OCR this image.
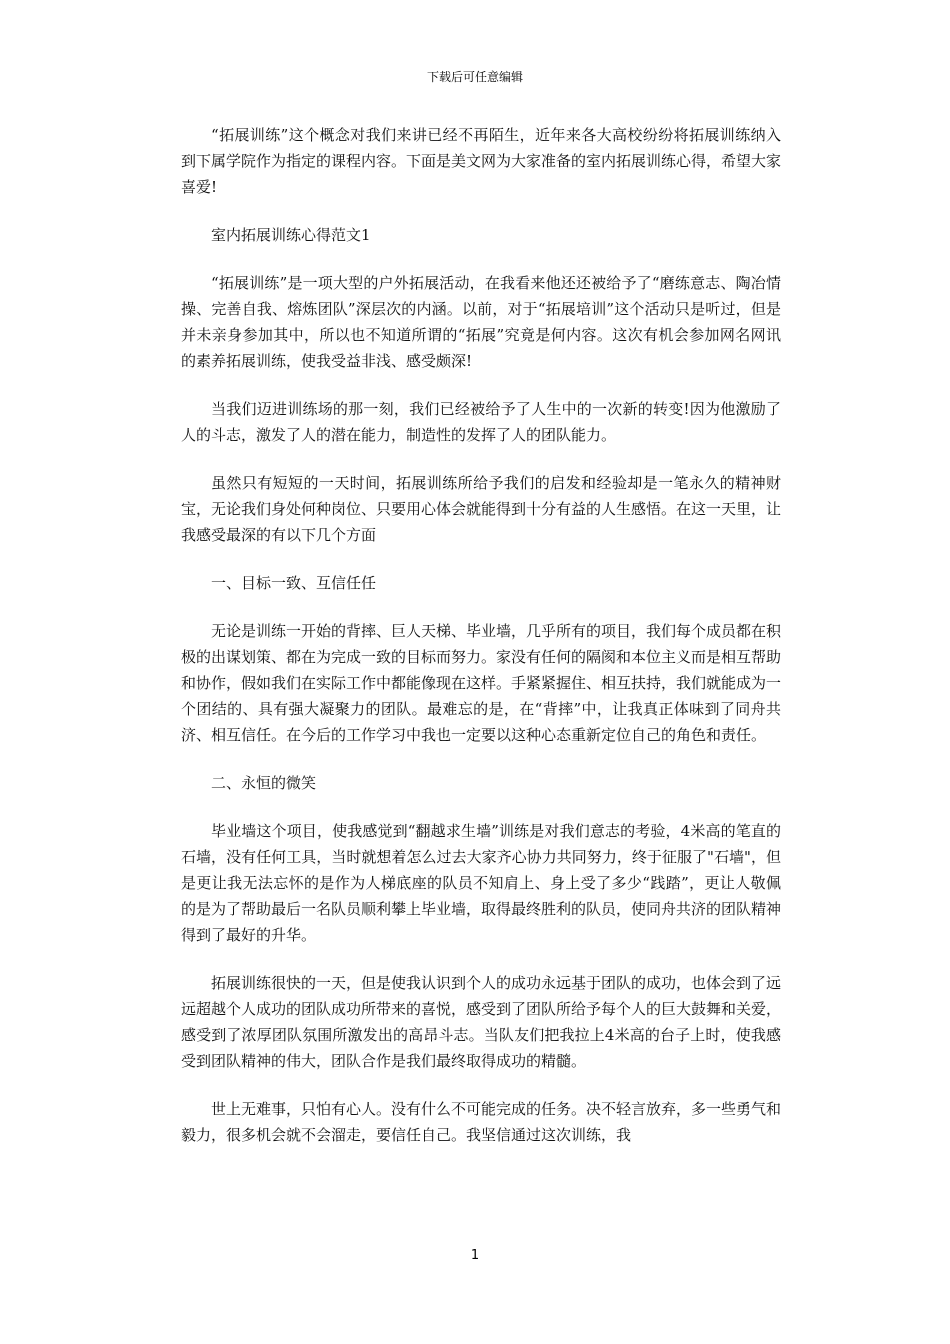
下载后可任意编辑

“拓展训练”这个概念对我们来讲已经不再陌生，近年来各大高校纷纷将拓展训练纳入到下属学院作为指定的课程内容。下面是美文网为大家准备的室内拓展训练心得，希望大家喜爱!

室内拓展训练心得范文1

“拓展训练”是一项大型的户外拓展活动，在我看来他还还被给予了“磨练意志、陶冶情操、完善自我、熔炼团队”深层次的内涵。以前，对于“拓展培训”这个活动只是听过，但是并未亲身参加其中，所以也不知道所谓的“拓展”究竟是何内容。这次有机会参加网名网讯的素养拓展训练，使我受益非浅、感受颇深!

当我们迈进训练场的那一刻，我们已经被给予了人生中的一次新的转变!因为他激励了人的斗志，激发了人的潜在能力，制造性的发挥了人的团队能力。

虽然只有短短的一天时间，拓展训练所给予我们的启发和经验却是一笔永久的精神财宝，无论我们身处何种岗位、只要用心体会就能得到十分有益的人生感悟。在这一天里，让我感受最深的有以下几个方面

一、目标一致、互信任任

无论是训练一开始的背摔、巨人天梯、毕业墙，几乎所有的项目，我们每个成员都在积极的出谋划策、都在为完成一致的目标而努力。家没有任何的隔阂和本位主义而是相互帮助和协作，假如我们在实际工作中都能像现在这样。手紧紧握住、相互扶持，我们就能成为一个团结的、具有强大凝聚力的团队。最难忘的是，在“背摔”中，让我真正体味到了同舟共济、相互信任。在今后的工作学习中我也一定要以这种心态重新定位自己的角色和责任。

二、永恒的微笑

毕业墙这个项目，使我感觉到“翻越求生墙”训练是对我们意志的考验，4米高的笔直的石墙，没有任何工具，当时就想着怎么过去大家齐心协力共同努力，终于征服了"石墙"，但是更让我无法忘怀的是作为人梯底座的队员不知肩上、身上受了多少“践踏”，更让人敬佩的是为了帮助最后一名队员顺利攀上毕业墙，取得最终胜利的队员，使同舟共济的团队精神得到了最好的升华。

拓展训练很快的一天，但是使我认识到个人的成功永远基于团队的成功，也体会到了远远超越个人成功的团队成功所带来的喜悦，感受到了团队所给予每个人的巨大鼓舞和关爱，感受到了浓厚团队氛围所激发出的高昂斗志。当队友们把我拉上4米高的台子上时，使我感受到团队精神的伟大，团队合作是我们最终取得成功的精髓。

世上无难事，只怕有心人。没有什么不可能完成的任务。决不轻言放弃，多一些勇气和毅力，很多机会就不会溜走，要信任自己。我坚信通过这次训练，我

1
